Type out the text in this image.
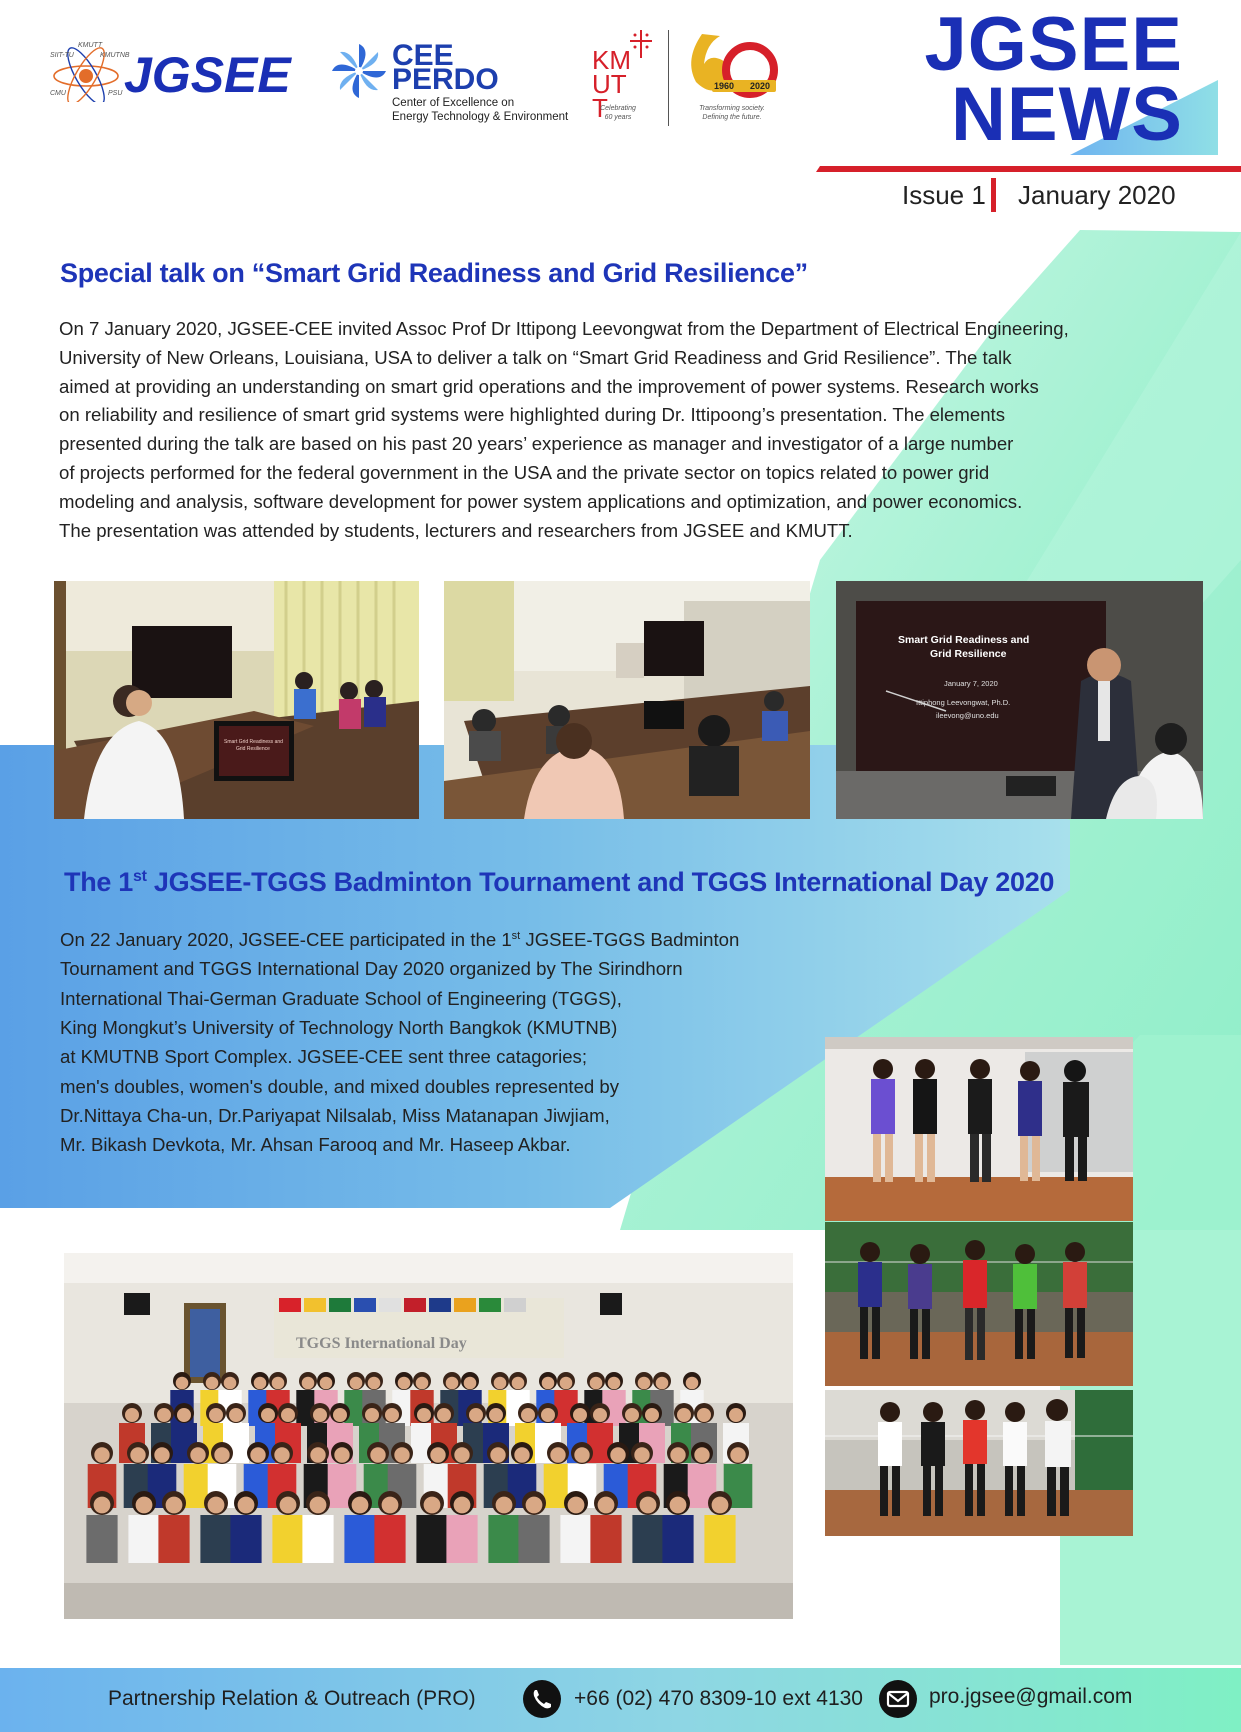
KMUTT
SIIT-TU	KMUTNB
CMU	PSU JGSEE	CEE
PERDO
Center of Excellence on
Energy Technology & Environment
KMUTT
Celebrating
60 years
1960 2020
Transforming society.
Defining the future.
JGSEE
NEWS
Issue 1 January 2020
Special talk on “Smart Grid Readiness and Grid Resilience”
On 7 January 2020, JGSEE-CEE invited Assoc Prof Dr Ittipong Leevongwat from the Department of Electrical Engineering,
University of New Orleans, Louisiana, USA to deliver a talk on “Smart Grid Readiness and Grid Resilience”. The talk
aimed at providing an understanding on smart grid operations and the improvement of power systems. Research works
on reliability and resilience of smart grid systems were highlighted during Dr. Ittipoong’s presentation. The elements
presented during the talk are based on his past 20 years’ experience as manager and investigator of a large number
of projects performed for the federal government in the USA and the private sector on topics related to power grid
modeling and analysis, software development for power system applications and optimization, and power economics.
The presentation was attended by students, lecturers and researchers from JGSEE and KMUTT.
Smart Grid Readiness and
Grid Resilience
January 7, 2020
Ittiphong Leevongwat, Ph.D.
ileevong@uno.edu
Smart Grid Readiness and
Grid Resilience
The 1st JGSEE-TGGS Badminton Tournament and TGGS International Day 2020
On 22 January 2020, JGSEE-CEE participated in the 1st JGSEE-TGGS Badminton
Tournament and TGGS International Day 2020 organized by The Sirindhorn
International Thai-German Graduate School of Engineering (TGGS),
King Mongkut’s University of Technology North Bangkok (KMUTNB)
at KMUTNB Sport Complex. JGSEE-CEE sent three catagories;
men's doubles, women's double, and mixed doubles represented by
Dr.Nittaya Cha-un, Dr.Pariyapat Nilsalab, Miss Matanapan Jiwjiam,
Mr. Bikash Devkota, Mr. Ahsan Farooq and Mr. Haseep Akbar.
TGGS International Day
Partnership Relation & Outreach (PRO)	+66 (02) 470 8309-10 ext 4130	pro.jgsee@gmail.com
